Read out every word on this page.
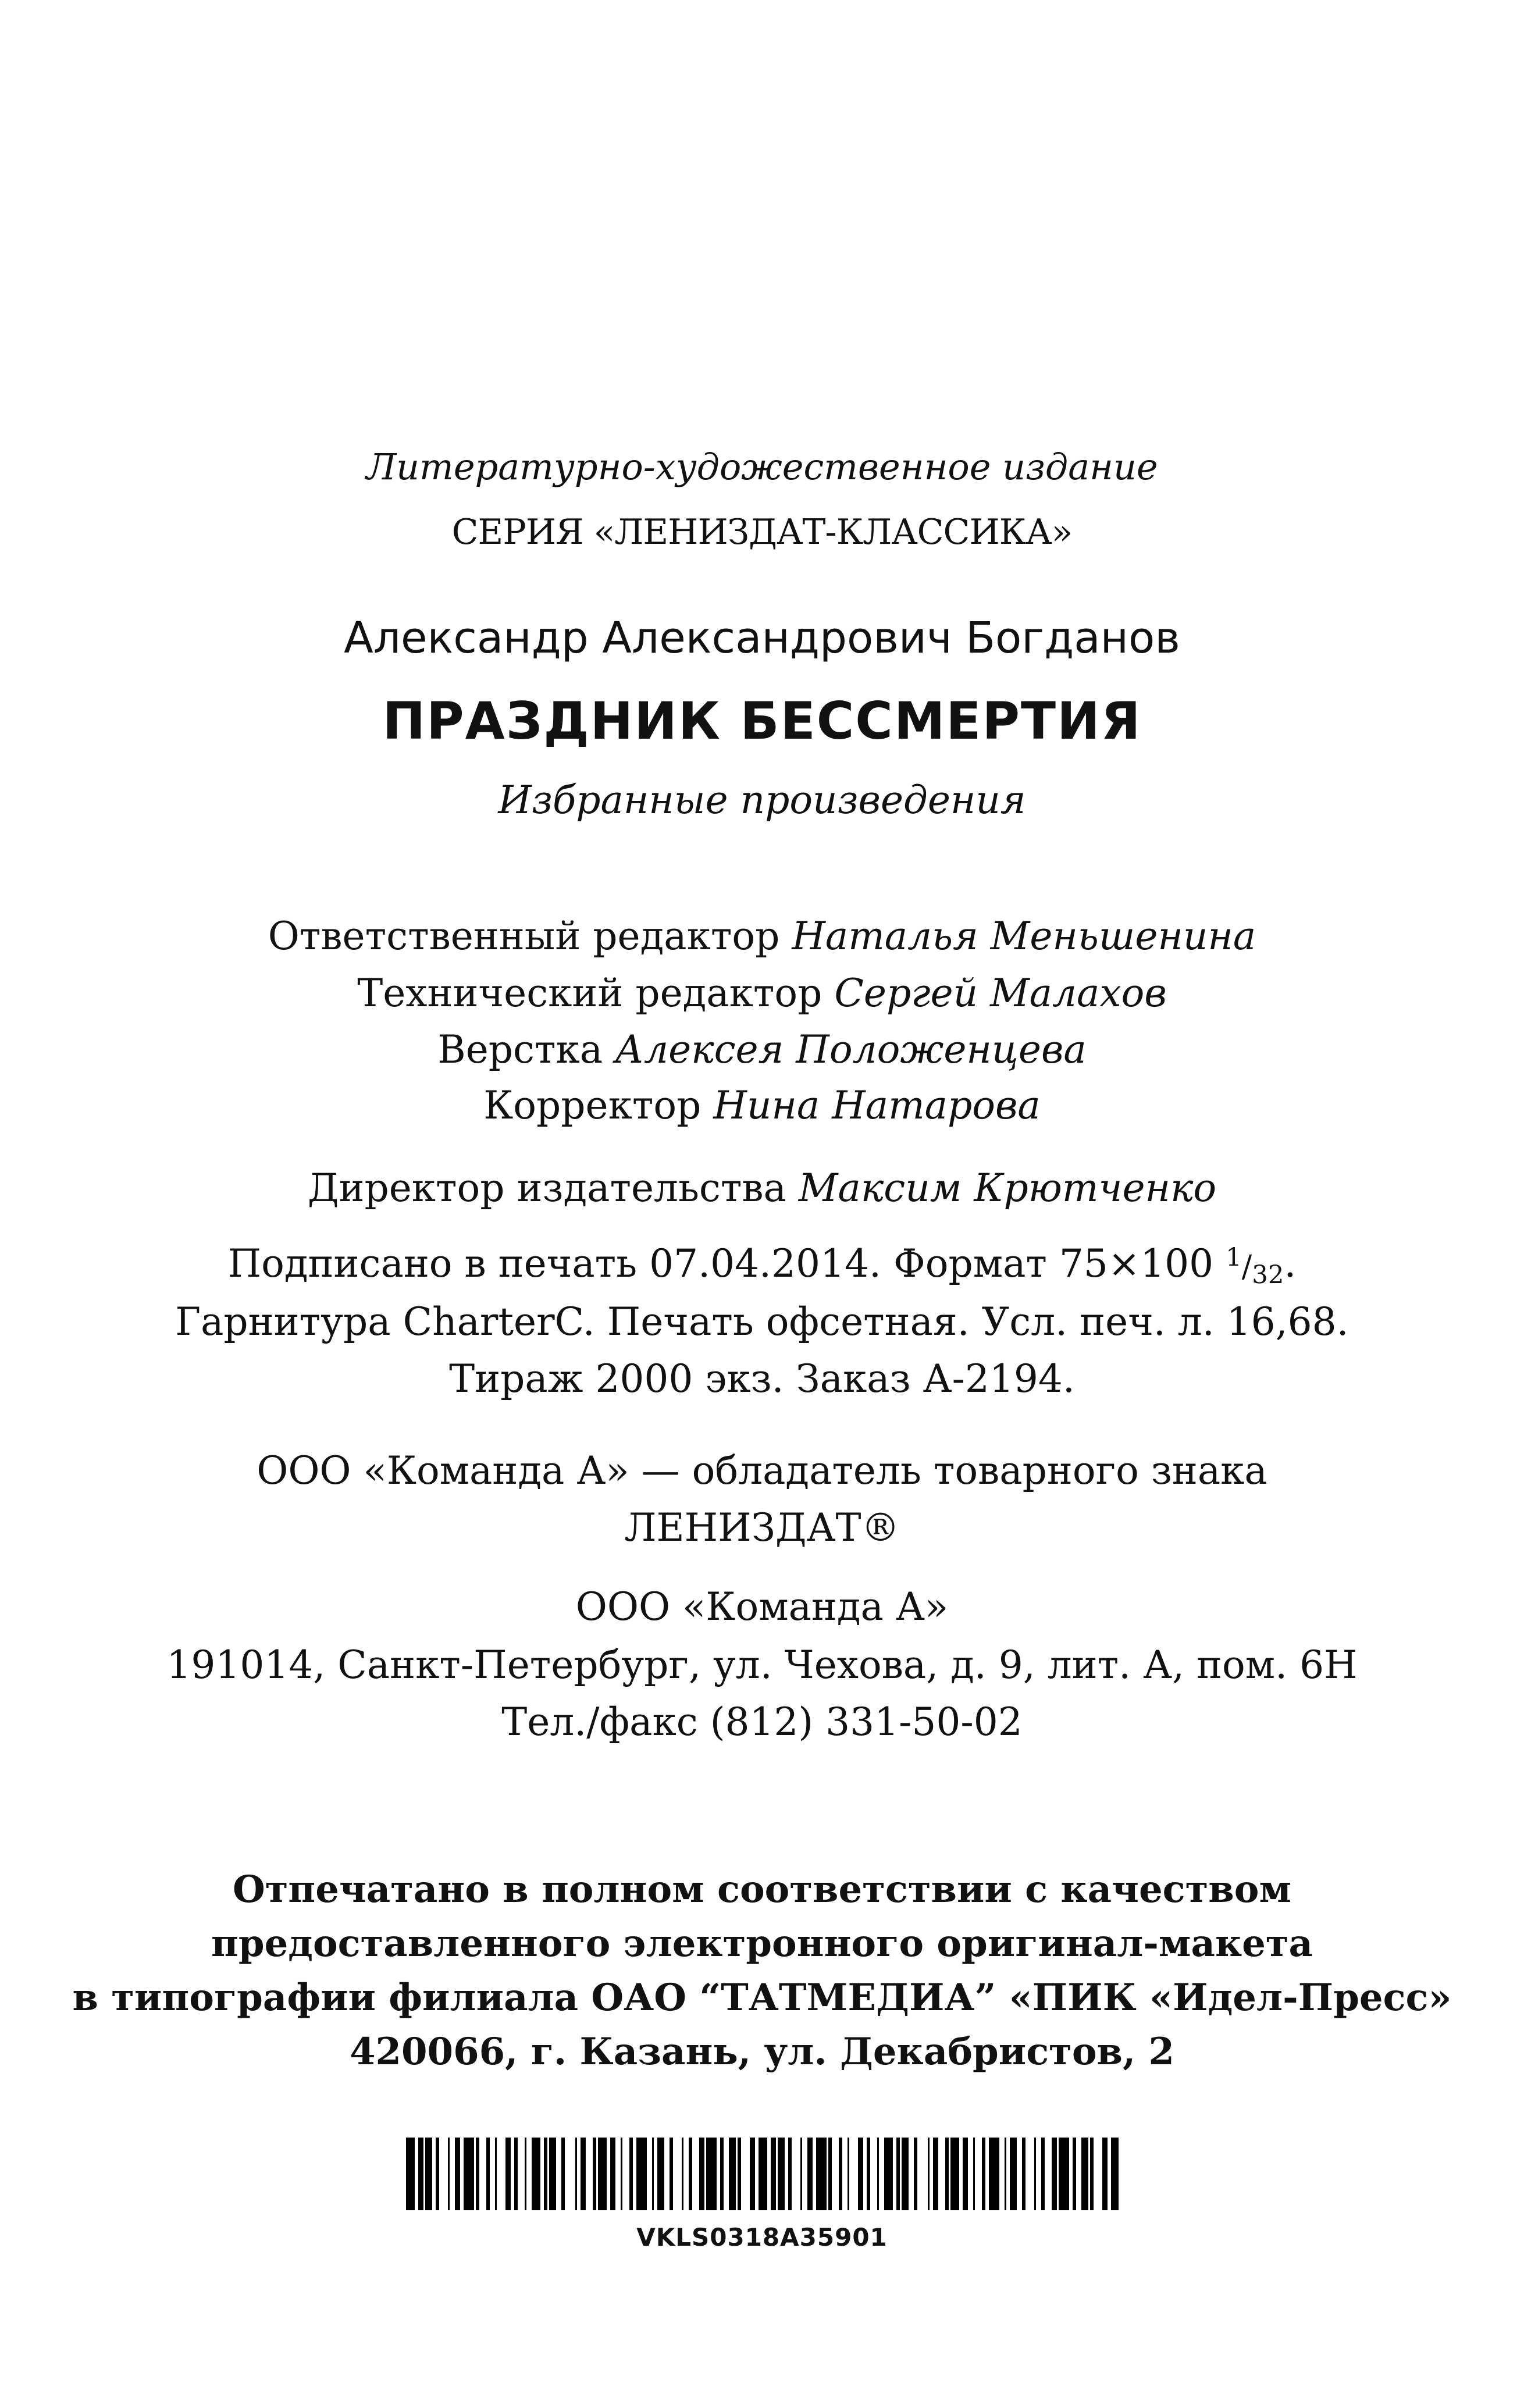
Литературно-художественное издание
СЕРИЯ «ЛЕНИЗДАТ-КЛАССИКА»
Александр Александрович Богданов
ПРАЗДНИК БЕССМЕРТИЯ
Избранные произведения
Ответственный редактор Наталья Меньшенина
Технический редактор Сергей Малахов
Верстка Алексея Положенцева
Корректор Нина Натарова
Директор издательства Максим Крютченко
Подписано в печать 07.04.2014. Формат 75×100 $^1/_{32}$.
Гарнитура CharterC. Печать офсетная. Усл. печ. л. 16,68.
Тираж 2000 экз. Заказ А-2194.
ООО «Команда А» — обладатель товарного знака
ЛЕНИЗДАТ®
ООО «Команда А»
191014, Санкт-Петербург, ул. Чехова, д. 9, лит. А, пом. 6Н
Тел./факс (812) 331-50-02
Отпечатано в полном соответствии с качеством
предоставленного электронного оригинал-макета
в типографии филиала ОАО “ТАТМЕДИА” «ПИК «Идел-Пресс»
420066, г. Казань, ул. Декабристов, 2
VKLS0318A35901
